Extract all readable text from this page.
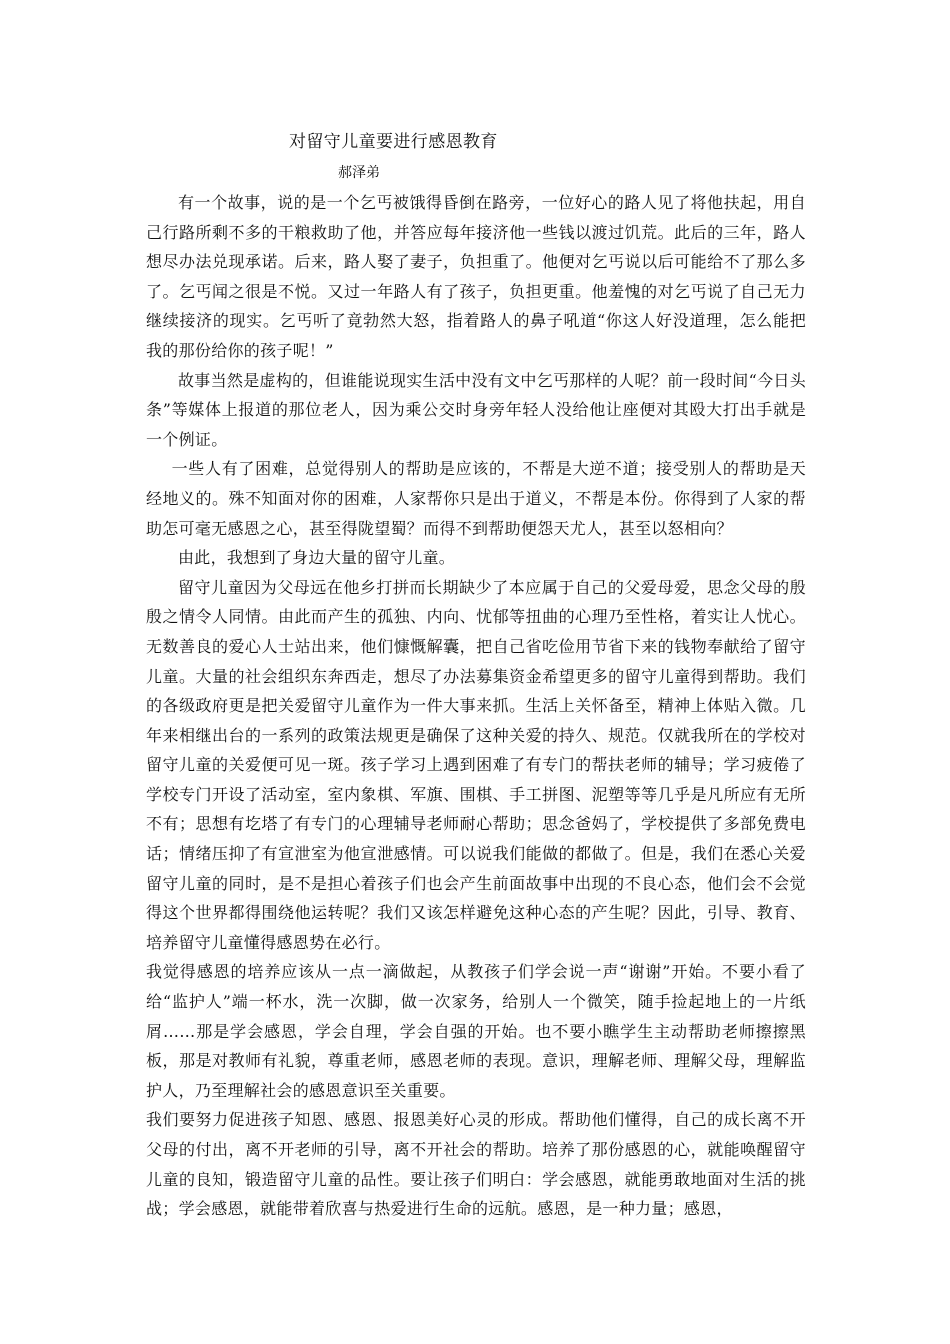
对留守儿童要进行感恩教育
郝泽弟

有一个故事，说的是一个乞丐被饿得昏倒在路旁，一位好心的路人见了将他扶起，用自己行路所剩不多的干粮救助了他，并答应每年接济他一些钱以渡过饥荒。此后的三年，路人想尽办法兑现承诺。后来，路人娶了妻子，负担重了。他便对乞丐说以后可能给不了那么多了。乞丐闻之很是不悦。又过一年路人有了孩子，负担更重。他羞愧的对乞丐说了自己无力继续接济的现实。乞丐听了竟勃然大怒，指着路人的鼻子吼道“你这人好没道理，怎么能把我的那份给你的孩子呢！”

故事当然是虚构的，但谁能说现实生活中没有文中乞丐那样的人呢？前一段时间“今日头条”等媒体上报道的那位老人，因为乘公交时身旁年轻人没给他让座便对其殴大打出手就是一个例证。

一些人有了困难，总觉得别人的帮助是应该的，不帮是大逆不道；接受别人的帮助是天经地义的。殊不知面对你的困难，人家帮你只是出于道义，不帮是本份。你得到了人家的帮助怎可毫无感恩之心，甚至得陇望蜀？而得不到帮助便怨天尤人，甚至以怒相向？

由此，我想到了身边大量的留守儿童。

留守儿童因为父母远在他乡打拼而长期缺少了本应属于自己的父爱母爱，思念父母的殷殷之情令人同情。由此而产生的孤独、内向、忧郁等扭曲的心理乃至性格，着实让人忧心。无数善良的爱心人士站出来，他们慷慨解囊，把自己省吃俭用节省下来的钱物奉献给了留守儿童。大量的社会组织东奔西走，想尽了办法募集资金希望更多的留守儿童得到帮助。我们的各级政府更是把关爱留守儿童作为一件大事来抓。生活上关怀备至，精神上体贴入微。几年来相继出台的一系列的政策法规更是确保了这种关爱的持久、规范。仅就我所在的学校对留守儿童的关爱便可见一斑。孩子学习上遇到困难了有专门的帮扶老师的辅导；学习疲倦了学校专门开设了活动室，室内象棋、军旗、围棋、手工拼图、泥塑等等几乎是凡所应有无所不有；思想有圪塔了有专门的心理辅导老师耐心帮助；思念爸妈了，学校提供了多部免费电话；情绪压抑了有宣泄室为他宣泄感情。可以说我们能做的都做了。但是，我们在悉心关爱留守儿童的同时，是不是担心着孩子们也会产生前面故事中出现的不良心态，他们会不会觉得这个世界都得围绕他运转呢？我们又该怎样避免这种心态的产生呢？因此，引导、教育、培养留守儿童懂得感恩势在必行。

我觉得感恩的培养应该从一点一滴做起，从教孩子们学会说一声“谢谢”开始。不要小看了给“监护人”端一杯水，洗一次脚，做一次家务，给别人一个微笑，随手捡起地上的一片纸屑……那是学会感恩，学会自理，学会自强的开始。也不要小瞧学生主动帮助老师擦擦黑板，那是对教师有礼貌，尊重老师，感恩老师的表现。意识，理解老师、理解父母，理解监护人，乃至理解社会的感恩意识至关重要。

我们要努力促进孩子知恩、感恩、报恩美好心灵的形成。帮助他们懂得，自己的成长离不开父母的付出，离不开老师的引导，离不开社会的帮助。培养了那份感恩的心，就能唤醒留守儿童的良知，锻造留守儿童的品性。要让孩子们明白：学会感恩，就能勇敢地面对生活的挑战；学会感恩，就能带着欣喜与热爱进行生命的远航。感恩，是一种力量；感恩，
